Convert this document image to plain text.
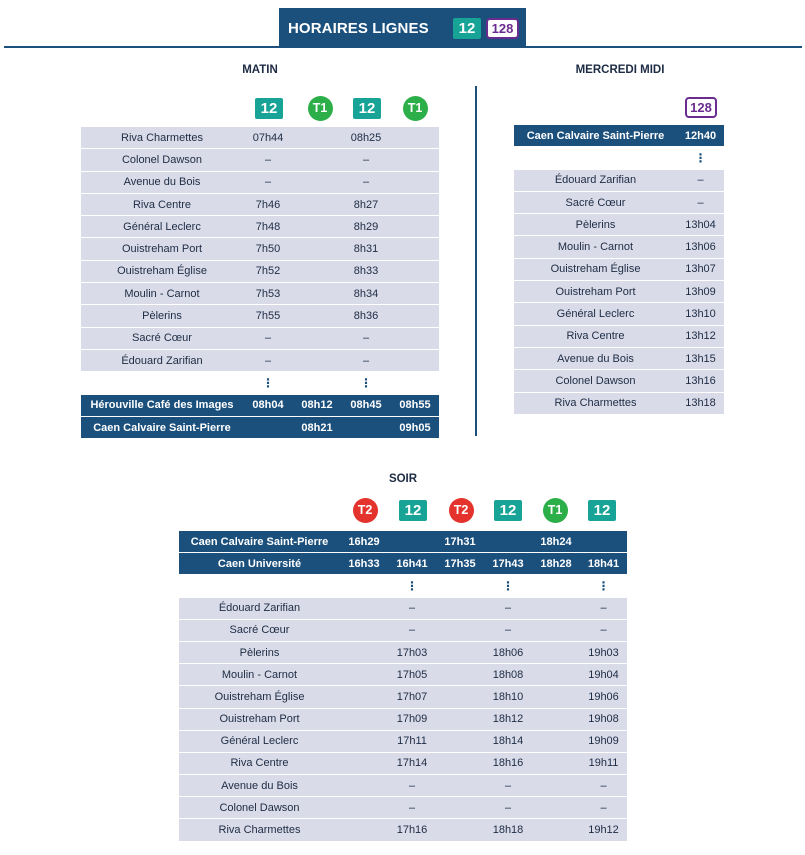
HORAIRES LIGNES	12	128
MATIN	MERCREDI MIDI
SOIR
12	T1	12	T1	128
T2	12	T2	12	T1	12
Riva Charmettes	07h44		08h25	
Colonel Dawson	–		–	
Avenue du Bois	–		–	
Riva Centre	7h46		8h27	
Général Leclerc	7h48		8h29	
Ouistreham Port	7h50		8h31	
Ouistreham Église	7h52		8h33	
Moulin - Carnot	7h53		8h34	
Pèlerins	7h55		8h36	
Sacré Cœur	–		–	
Édouard Zarifian	–		–	
	⋮		⋮	
Hérouville Café des Images	08h04	08h12	08h45	08h55
Caen Calvaire Saint-Pierre		08h21		09h05
Caen Calvaire Saint-Pierre	12h40
	⋮
Édouard Zarifian	–
Sacré Cœur	–
Pèlerins	13h04
Moulin - Carnot	13h06
Ouistreham Église	13h07
Ouistreham Port	13h09
Général Leclerc	13h10
Riva Centre	13h12
Avenue du Bois	13h15
Colonel Dawson	13h16
Riva Charmettes	13h18
Caen Calvaire Saint-Pierre	16h29		17h31		18h24	
Caen Université	16h33	16h41	17h35	17h43	18h28	18h41
		⋮		⋮		⋮
Édouard Zarifian		–		–		–
Sacré Cœur		–		–		–
Pèlerins		17h03		18h06		19h03
Moulin - Carnot		17h05		18h08		19h04
Ouistreham Église		17h07		18h10		19h06
Ouistreham Port		17h09		18h12		19h08
Général Leclerc		17h11		18h14		19h09
Riva Centre		17h14		18h16		19h11
Avenue du Bois		–		–		–
Colonel Dawson		–		–		–
Riva Charmettes		17h16		18h18		19h12
